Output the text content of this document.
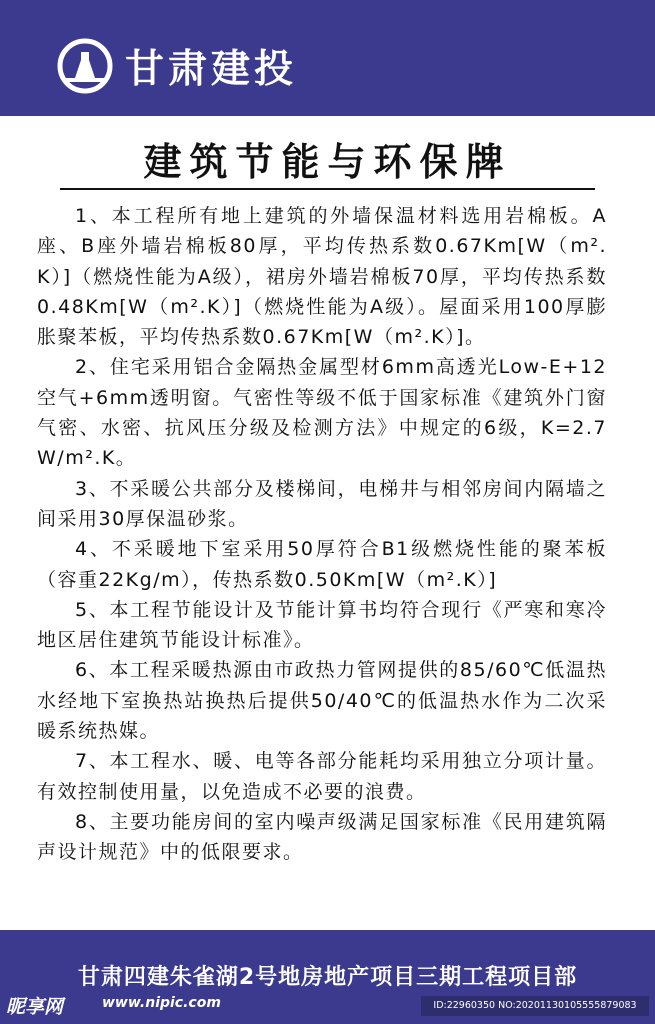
甘肃建投
建筑节能与环保牌

1、本工程所有地上建筑的外墙保温材料选用岩棉板。A座、B座外墙岩棉板80厚，平均传热系数0.67Km[W（m².K）]（燃烧性能为A级），裙房外墙岩棉板70厚，平均传热系数0.48Km[W（m².K）]（燃烧性能为A级）。屋面采用100厚膨胀聚苯板，平均传热系数0.67Km[W（m².K）]。

2、住宅采用铝合金隔热金属型材6mm高透光Low-E+12空气+6mm透明窗。气密性等级不低于国家标准《建筑外门窗气密、水密、抗风压分级及检测方法》中规定的6级，K=2.7W/m².K。

3、不采暖公共部分及楼梯间，电梯井与相邻房间内隔墙之间采用30厚保温砂浆。

4、不采暖地下室采用50厚符合B1级燃烧性能的聚苯板（容重22Kg/m），传热系数0.50Km[W（m².K）]

5、本工程节能设计及节能计算书均符合现行《严寒和寒冷地区居住建筑节能设计标准》。

6、本工程采暖热源由市政热力管网提供的85/60℃低温热水经地下室换热站换热后提供50/40℃的低温热水作为二次采暖系统热媒。

7、本工程水、暖、电等各部分能耗均采用独立分项计量。有效控制使用量，以免造成不必要的浪费。

8、主要功能房间的室内噪声级满足国家标准《民用建筑隔声设计规范》中的低限要求。

甘肃四建朱雀湖2号地房地产项目三期工程项目部
昵享网	www.nipic.com	ID:22960350 NO:20201130105555879083
